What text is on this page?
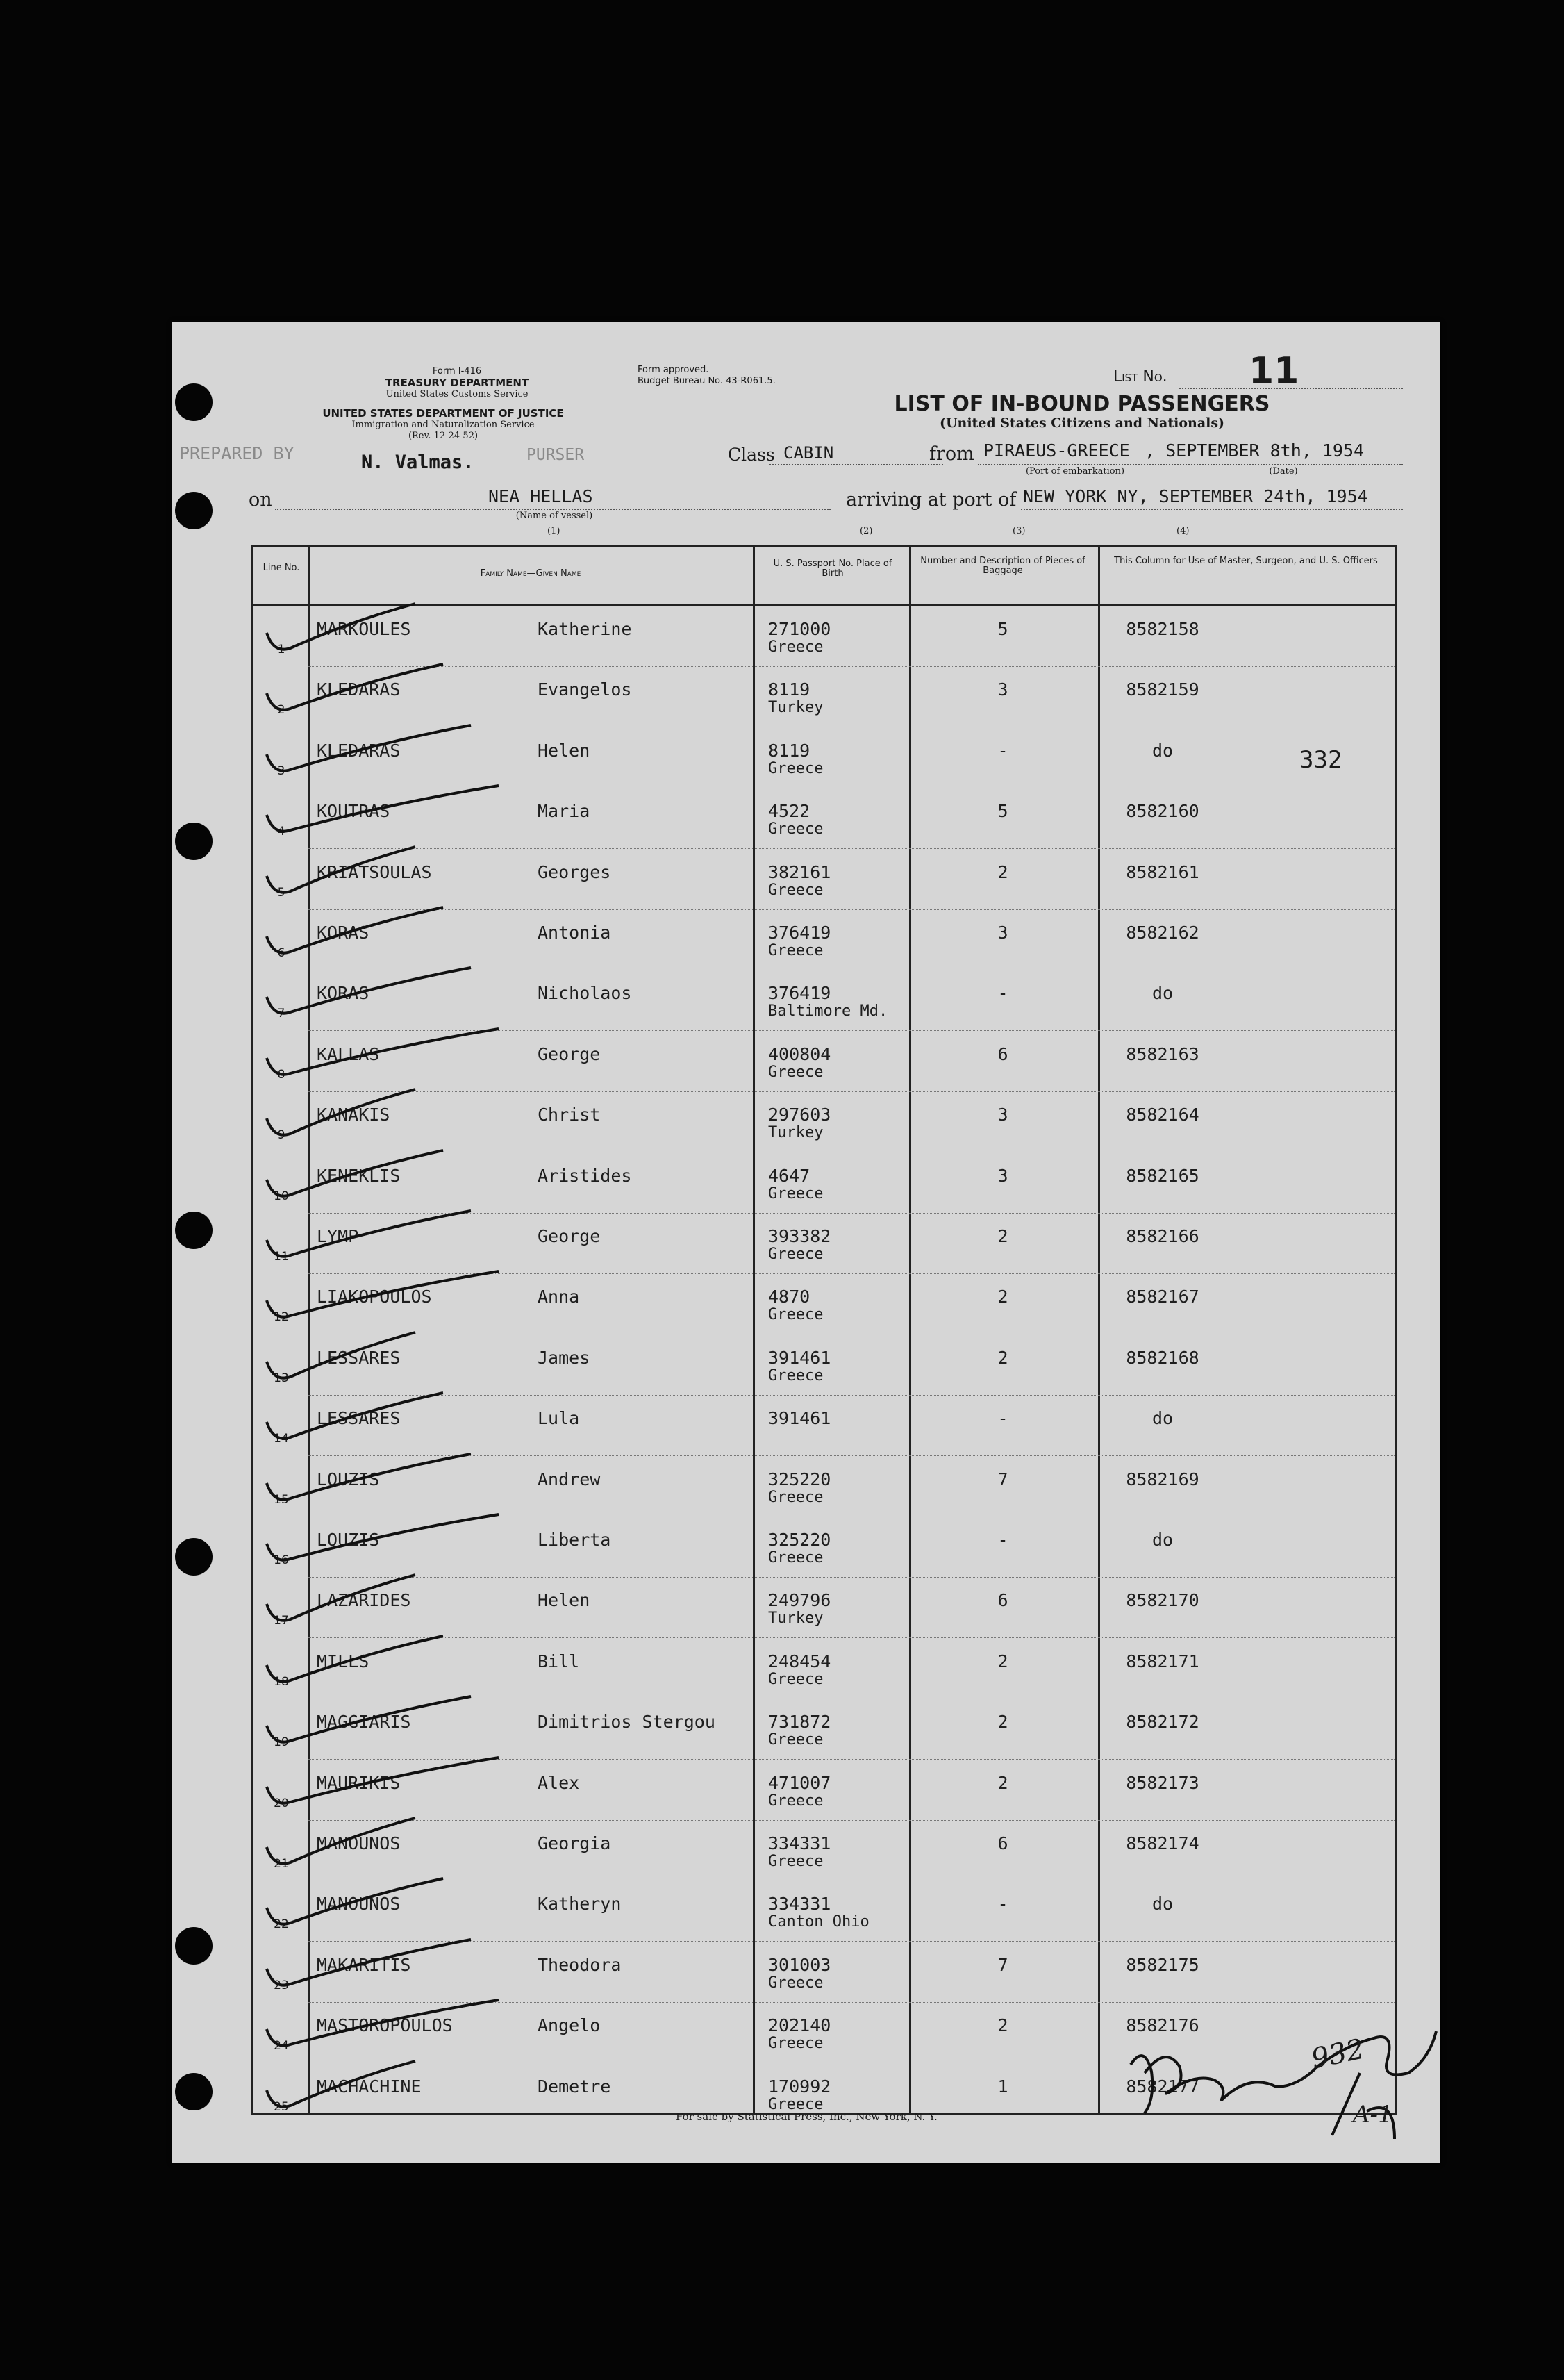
Form I-416
TREASURY DEPARTMENT
United States Customs Service
UNITED STATES DEPARTMENT OF JUSTICE
Immigration and Naturalization Service
(Rev. 12-24-52)
Form approved.
Budget Bureau No. 43-R061.5.	List No. 11
LIST OF IN-BOUND PASSENGERS
(United States Citizens and Nationals)
PREPARED BY	N. Valmas.	PURSER	Class CABIN	from PIRAEUS-GREECE , SEPTEMBER 8th, 1954
(Port of embarkation)	(Date)
on	NEA HELLAS
(Name of vessel)
arriving at port of NEW YORK NY, SEPTEMBER 24th, 1954
(1)	(2)	(3)	(4)
Line No.
Family Name—Given Name
U. S. Passport No. Place of Birth
Number and Description of Pieces of Baggage
This Column for Use of Master, Surgeon, and U. S. Officers
1
MARKOULES	Katherine	271000
Greece
5	8582158
2
KLEDARAS	Evangelos	8119
Turkey
3	8582159
3
KLEDARAS	Helen	8119
Greece
-	do
4
KOUTRAS	Maria	4522
Greece
5	8582160
5
KRIATSOULAS	Georges	382161
Greece
2	8582161
6
KORAS	Antonia	376419
Greece
3	8582162
7
KORAS	Nicholaos	376419
Baltimore Md.
-	do
8
KALLAS	George	400804
Greece
6	8582163
9
KANAKIS	Christ	297603
Turkey
3	8582164
10
KENEKLIS	Aristides	4647
Greece
3	8582165
11
LYMP	George	393382
Greece
2	8582166
12
LIAKOPOULOS	Anna	4870
Greece
2	8582167
13
LESSARES	James	391461
Greece
2	8582168
14
LESSARES	Lula	391461	-	do
15
LOUZIS	Andrew	325220
Greece
7	8582169
16
LOUZIS	Liberta	325220
Greece
-	do
17
LAZARIDES	Helen	249796
Turkey
6	8582170
18
MILLS	Bill	248454
Greece
2	8582171
19
MAGGIARIS	Dimitrios Stergou	731872
Greece
2	8582172
20
MAURIKIS	Alex	471007
Greece
2	8582173
21
MANOUNOS	Georgia	334331
Greece
6	8582174
22
MANOUNOS	Katheryn	334331
Canton Ohio
-	do
23
MAKARITIS	Theodora	301003
Greece
7	8582175
24
MASTOROPOULOS	Angelo	202140
Greece
2	8582176
25
MACHACHINE	Demetre	170992
Greece
1	8582177
332
For sale by Statistical Press, Inc., New York, N. Y.
932
A-1
